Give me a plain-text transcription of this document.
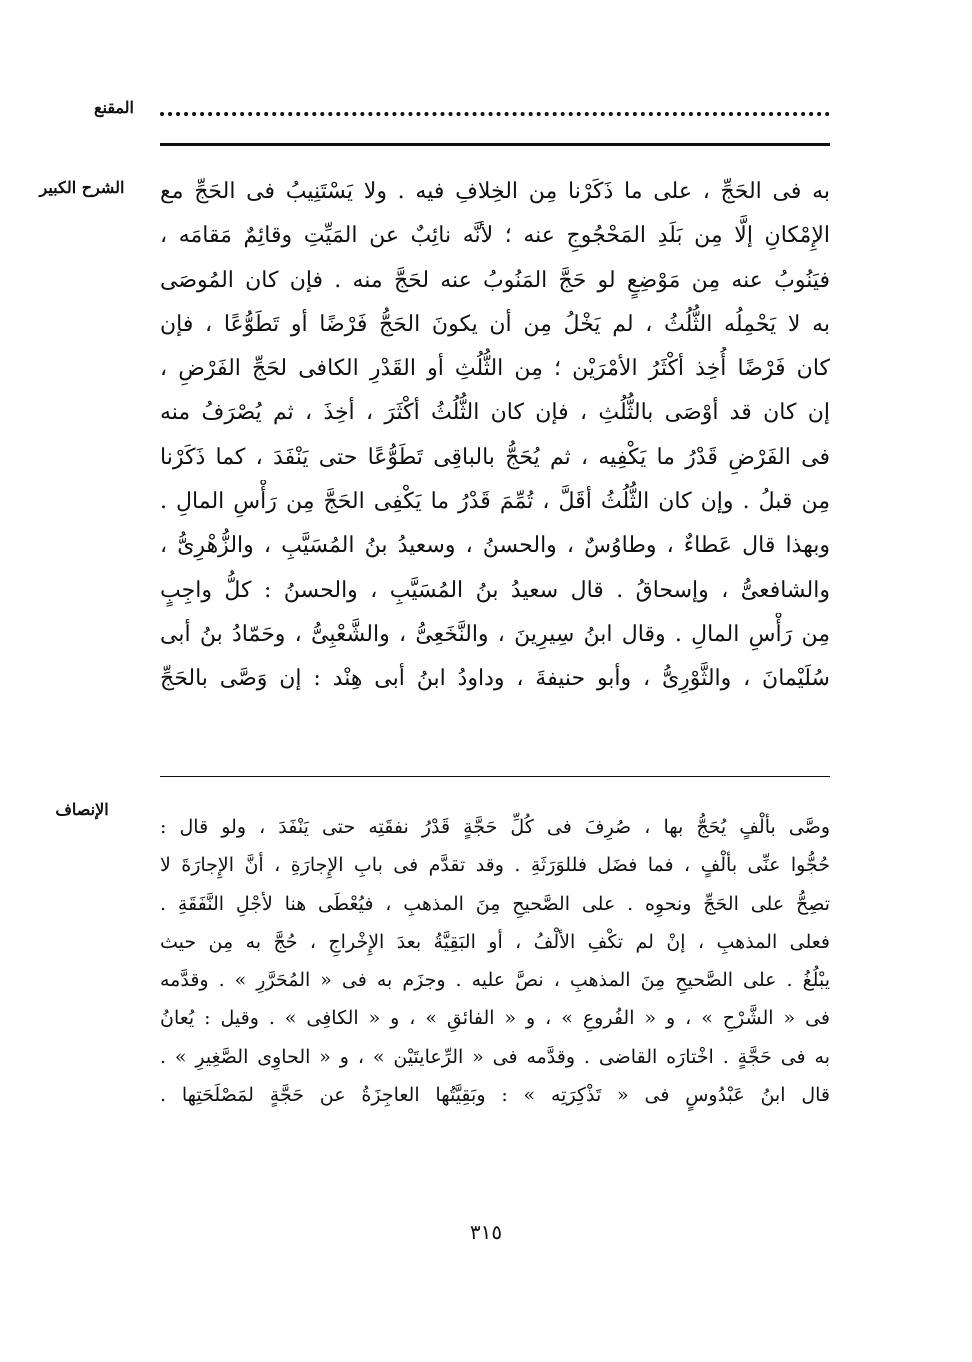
المقنع
الشرح الكبير
الإنصاف
به فى الحَجِّ ، على ما ذَكَرْنا مِن الخِلافِ فيه . ولا يَسْتَنِيبُ فى الحَجِّ مع
الإِمْكانِ إلَّا مِن بَلَدِ المَحْجُوجِ عنه ؛ لأنَّه نائِبٌ عن المَيِّتِ وقائِمٌ مَقامَه ،
فيَنُوبُ عنه مِن مَوْضِعٍ لو حَجَّ المَنُوبُ عنه لحَجَّ منه . فإن كان المُوصَى
به لا يَحْمِلُه الثُّلُثُ ، لم يَخْلُ مِن أن يكونَ الحَجُّ فَرْضًا أو تَطَوُّعًا ، فإن
كان فَرْضًا أُخِذ أكْثَرُ الأمْرَيْن ؛ مِن الثُّلُثِ أو القَدْرِ الكافى لحَجِّ الفَرْضِ ،
إن كان قد أوْصَى بالثُّلُثِ ، فإن كان الثُّلُثُ أكْثَرَ ، أخِذَ ، ثم يُصْرَفُ منه
فى الفَرْضِ قَدْرُ ما يَكْفِيه ، ثم يُحَجُّ بالباقِى تَطَوُّعًا حتى يَنْفَدَ ، كما ذَكَرْنا
مِن قبلُ . وإن كان الثُّلُثُ أقَلَّ ، تُمِّمَ قَدْرُ ما يَكْفِى الحَجَّ مِن رَأْسِ المالِ .
وبهذا قال عَطاءٌ ، وطاوُسٌ ، والحسنُ ، وسعيدُ بنُ المُسَيَّبِ ، والزُّهْرِىُّ ،
والشافعىُّ ، وإسحاقُ . قال سعيدُ بنُ المُسَيَّبِ ، والحسنُ : كلُّ واجِبٍ
مِن رَأْسِ المالِ . وقال ابنُ سِيرِينَ ، والنَّخَعِىُّ ، والشَّعْبِىُّ ، وحَمّادُ بنُ أبى
سُلَيْمانَ ، والثَّوْرِىُّ ، وأبو حنيفةَ ، وداودُ ابنُ أبى هِنْد : إن وَصَّى بالحَجِّ
وصَّى بألْفٍ يُحَجُّ بها ، صُرِفَ فى كُلِّ حَجَّةٍ قَدْرُ نفقَتِه حتى يَنْفَدَ ، ولو قال :
حُجُّوا عنِّى بألْفٍ ، فما فضَل فللوَرَثَةِ . وقد تقدَّم فى بابِ الإِجارَةِ ، أنَّ الإِجارَةَ لا
تصِحُّ على الحَجِّ ونحوِه . على الصَّحيحِ مِنَ المذهبِ ، فيُعْطَى هنا لأجْلِ النَّفَقَةِ .
فعلى المذهبِ ، إنْ لم تكْفِ الألْفُ ، أو البَقِيَّةُ بعدَ الإِخْراجِ ، حُجَّ به مِن حيث
يبْلُغُ . على الصَّحيحِ مِنَ المذهبِ ، نصَّ عليه . وجزَم به فى « المُحَرَّرِ » . وقدَّمه
فى « الشَّرْحِ » ، و « الفُروعِ » ، و « الفائقِ » ، و « الكافِى » . وقيل : يُعانُ
به فى حَجَّةٍ . اخْتارَه القاضى . وقدَّمه فى « الرِّعايتَيْن » ، و « الحاوِى الصَّغِيرِ » .
قال ابنُ عَبْدُوسٍ فى « تَذْكِرَتِه » : وبَقِيَّتُها العاجِزَةُ عن حَجَّةٍ لمَصْلَحَتِها .
٣١٥
